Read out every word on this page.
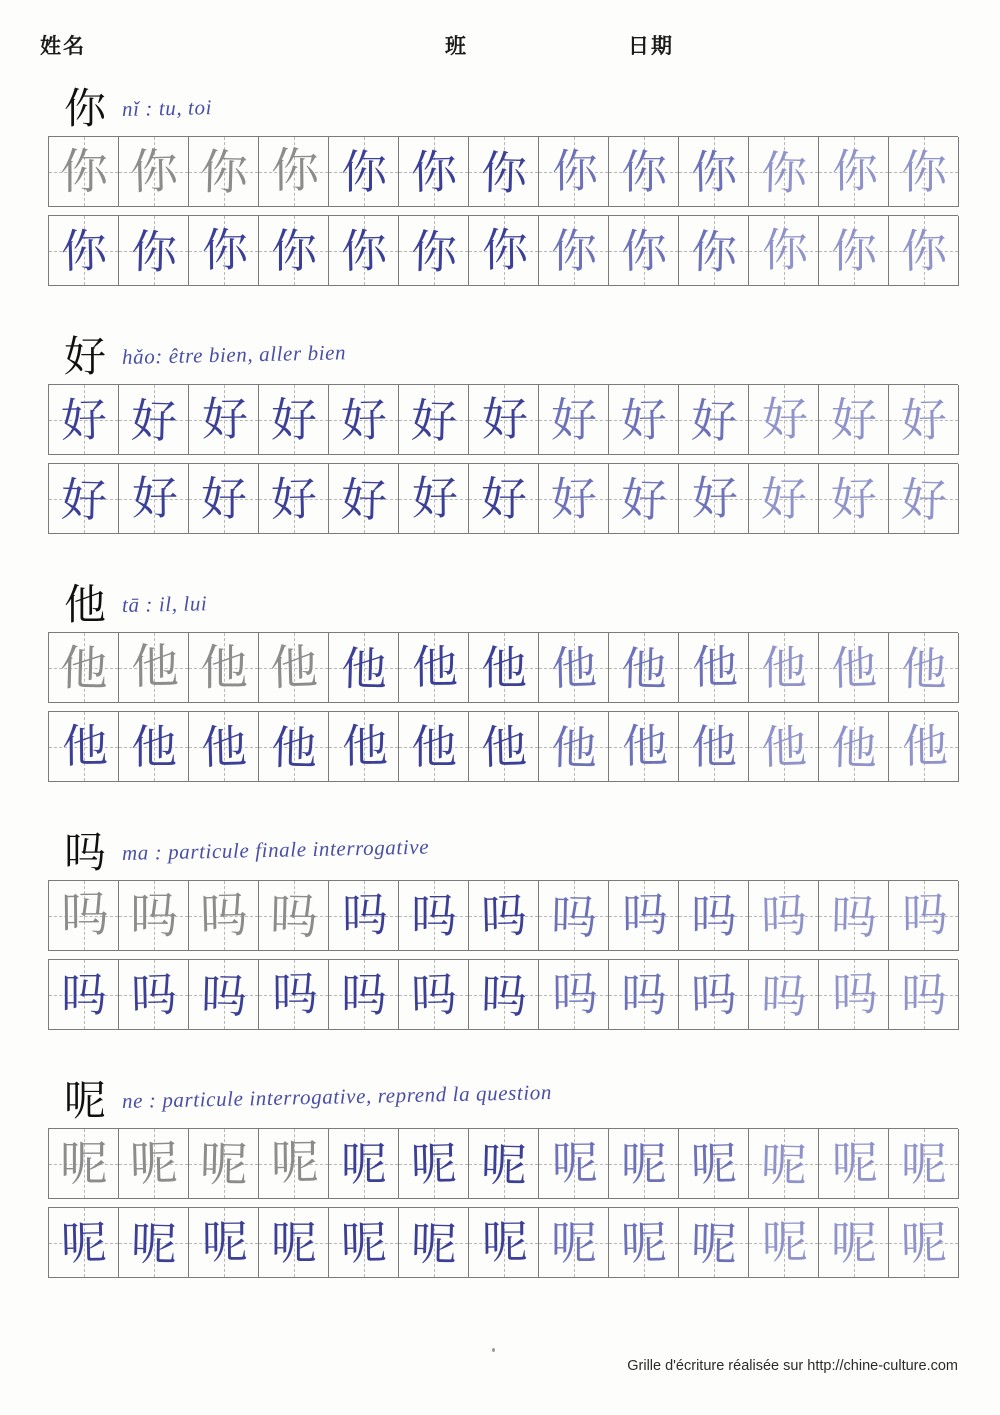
姓名	班	日期
你 nǐ : tu, toi
你 你 你 你 你 你 你 你 你 你 你 你 你
你 你 你 你 你 你 你 你 你 你 你 你 你
好 hǎo: être bien, aller bien
好 好 好 好 好 好 好 好 好 好 好 好 好
好 好 好 好 好 好 好 好 好 好 好 好 好
他 tā : il, lui
他 他 他 他 他 他 他 他 他 他 他 他 他
他 他 他 他 他 他 他 他 他 他 他 他 他
吗 ma : particule finale interrogative
吗 吗 吗 吗 吗 吗 吗 吗 吗 吗 吗 吗 吗
吗 吗 吗 吗 吗 吗 吗 吗 吗 吗 吗 吗 吗
呢 ne : particule interrogative, reprend la question
呢 呢 呢 呢 呢 呢 呢 呢 呢 呢 呢 呢 呢
呢 呢 呢 呢 呢 呢 呢 呢 呢 呢 呢 呢 呢
Grille d'écriture réalisée sur http://chine-culture.com
